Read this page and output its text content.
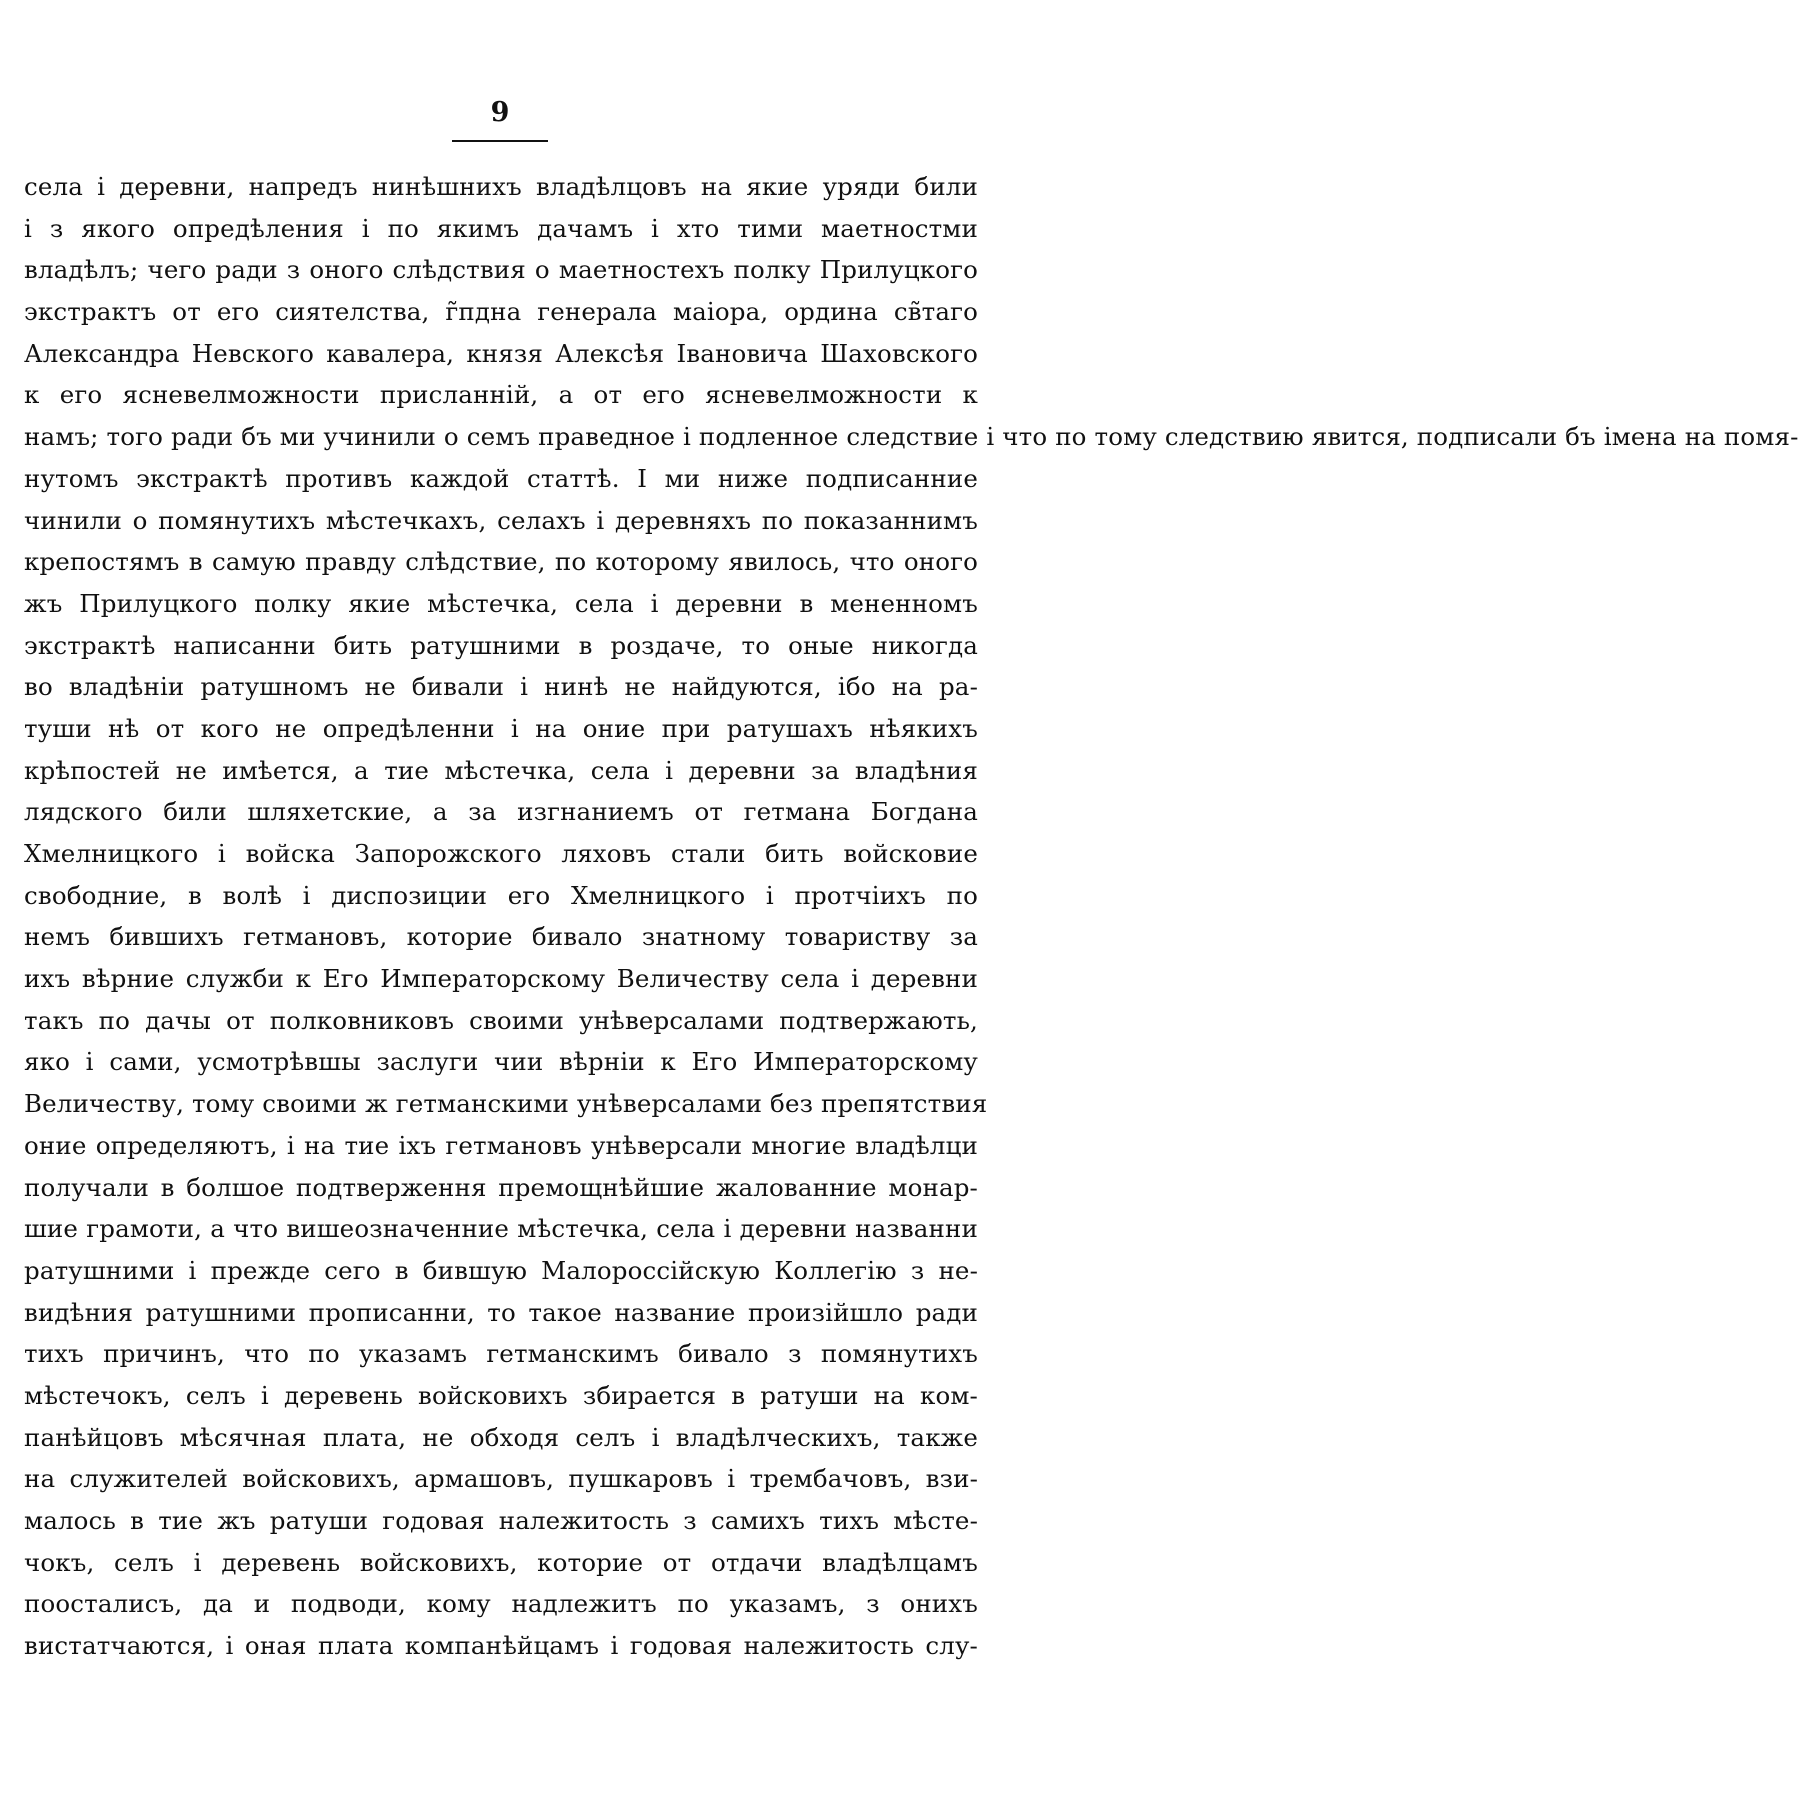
9
села і деревни, напредъ нинѣшнихъ владѣлцовъ на якие уряди били
і з якого опредѣления і по якимъ дачамъ і хто тими маетностми
владѣлъ; чего ради з оного слѣдствия о маетностехъ полку Прилуцкого
экстрактъ от его сиятелства, г̃пдна генерала маіора, ордина св̃таго
Александра Невского кавалера, князя Алексѣя Івановича Шаховского
к его ясневелможности присланній, а от его ясневелможности к
намъ; того ради бъ ми учинили о семъ праведное і подленное следствие і что по тому следствию явится, подписали бъ імена на помя-
нутомъ экстрактѣ противъ каждой статтѣ. І ми ниже подписанние
чинили о помянутихъ мѣстечкахъ, селахъ і деревняхъ по показаннимъ
крепостямъ в самую правду слѣдствие, по которому явилось, что оного
жъ Прилуцкого полку якие мѣстечка, села і деревни в мененномъ
экстрактѣ написанни бить ратушними в роздаче, то оные никогда
во владѣніи ратушномъ не бивали і нинѣ не найдуются, ібо на ра-
туши нѣ от кого не опредѣленни і на оние при ратушахъ нѣякихъ
крѣпостей не имѣется, а тие мѣстечка, села і деревни за владѣния
лядского били шляхетские, а за изгнаниемъ от гетмана Богдана
Хмелницкого і войска Запорожского ляховъ стали бить войсковие
свободние, в волѣ і диспозиции его Хмелницкого і протчіихъ по
немъ бившихъ гетмановъ, которие бивало знатному товариству за
ихъ вѣрние служби к Его Императорскому Величеству села і деревни
такъ по дачы от полковниковъ своими унѣверсалами подтвержають,
яко і сами, усмотрѣвшы заслуги чии вѣрніи к Его Императорскому
Величеству, тому своими ж гетманскими унѣверсалами без препятствия
оние определяютъ, і на тие іхъ гетмановъ унѣверсали многие владѣлци
получали в болшое подтверження премощнѣйшие жалованние монар-
шие грамоти, а что вишеозначенние мѣстечка, села і деревни названни
ратушними і прежде сего в бившую Малороссійскую Коллегію з не-
видѣния ратушними прописанни, то такое название произійшло ради
тихъ причинъ, что по указамъ гетманскимъ бивало з помянутихъ
мѣстечокъ, селъ і деревень войсковихъ збирается в ратуши на ком-
панѣйцовъ мѣсячная плата, не обходя селъ і владѣлческихъ, также
на служителей войсковихъ, армашовъ, пушкаровъ і трембачовъ, взи-
малось в тие жъ ратуши годовая належитость з самихъ тихъ мѣсте-
чокъ, селъ і деревень войсковихъ, которие от отдачи владѣлцамъ
поосталисъ, да и подводи, кому надлежитъ по указамъ, з онихъ
вистатчаются, і оная плата компанѣйцамъ і годовая належитость слу-
